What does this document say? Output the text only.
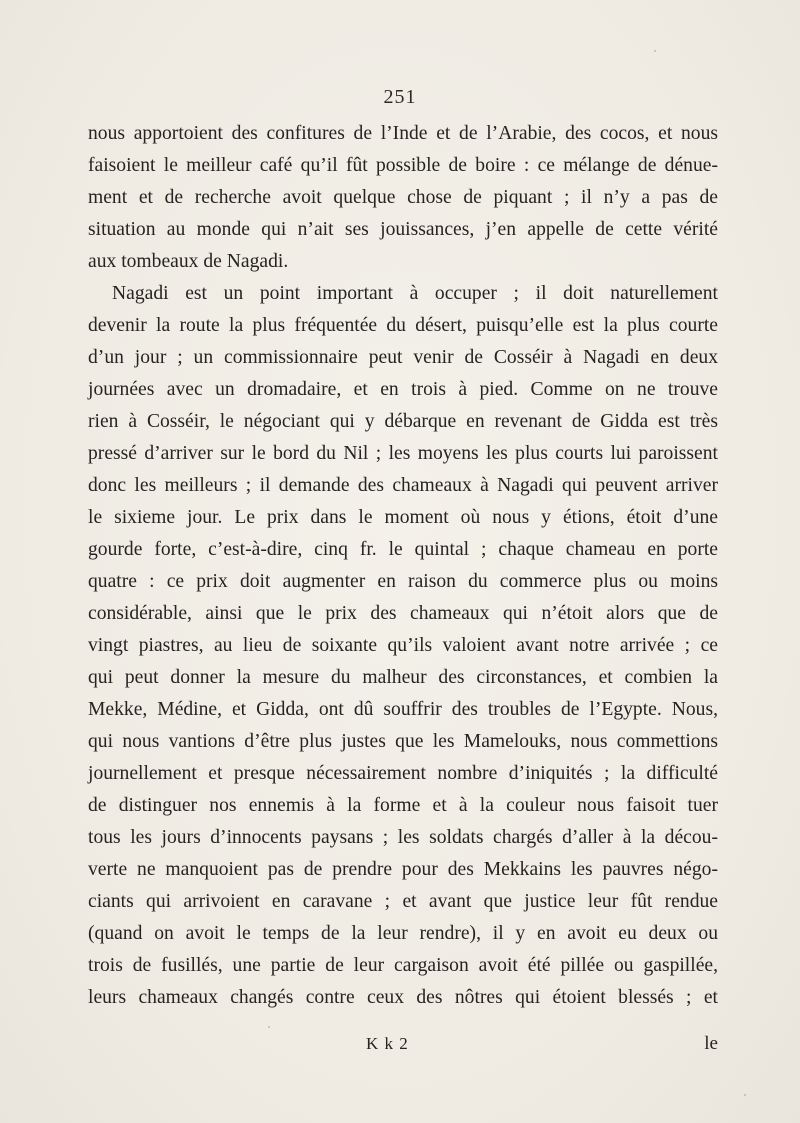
251
nous apportoient des confitures de l’Inde et de l’Arabie, des cocos, et nous
faisoient le meilleur café qu’il fût possible de boire : ce mélange de dénue-
ment et de recherche avoit quelque chose de piquant ; il n’y a pas de
situation au monde qui n’ait ses jouissances, j’en appelle de cette vérité
aux tombeaux de Nagadi.
Nagadi est un point important à occuper ; il doit naturellement
devenir la route la plus fréquentée du désert, puisqu’elle est la plus courte
d’un jour ; un commissionnaire peut venir de Cosséir à Nagadi en deux
journées avec un dromadaire, et en trois à pied. Comme on ne trouve
rien à Cosséir, le négociant qui y débarque en revenant de Gidda est très
pressé d’arriver sur le bord du Nil ; les moyens les plus courts lui paroissent
donc les meilleurs ; il demande des chameaux à Nagadi qui peuvent arriver
le sixieme jour. Le prix dans le moment où nous y étions, étoit d’une
gourde forte, c’est-à-dire, cinq fr. le quintal ; chaque chameau en porte
quatre : ce prix doit augmenter en raison du commerce plus ou moins
considérable, ainsi que le prix des chameaux qui n’étoit alors que de
vingt piastres, au lieu de soixante qu’ils valoient avant notre arrivée ; ce
qui peut donner la mesure du malheur des circonstances, et combien la
Mekke, Médine, et Gidda, ont dû souffrir des troubles de l’Egypte. Nous,
qui nous vantions d’être plus justes que les Mamelouks, nous commettions
journellement et presque nécessairement nombre d’iniquités ; la difficulté
de distinguer nos ennemis à la forme et à la couleur nous faisoit tuer
tous les jours d’innocents paysans ; les soldats chargés d’aller à la décou-
verte ne manquoient pas de prendre pour des Mekkains les pauvres négo-
ciants qui arrivoient en caravane ; et avant que justice leur fût rendue
(quand on avoit le temps de la leur rendre), il y en avoit eu deux ou
trois de fusillés, une partie de leur cargaison avoit été pillée ou gaspillée,
leurs chameaux changés contre ceux des nôtres qui étoient blessés ; et
K k 2	le
